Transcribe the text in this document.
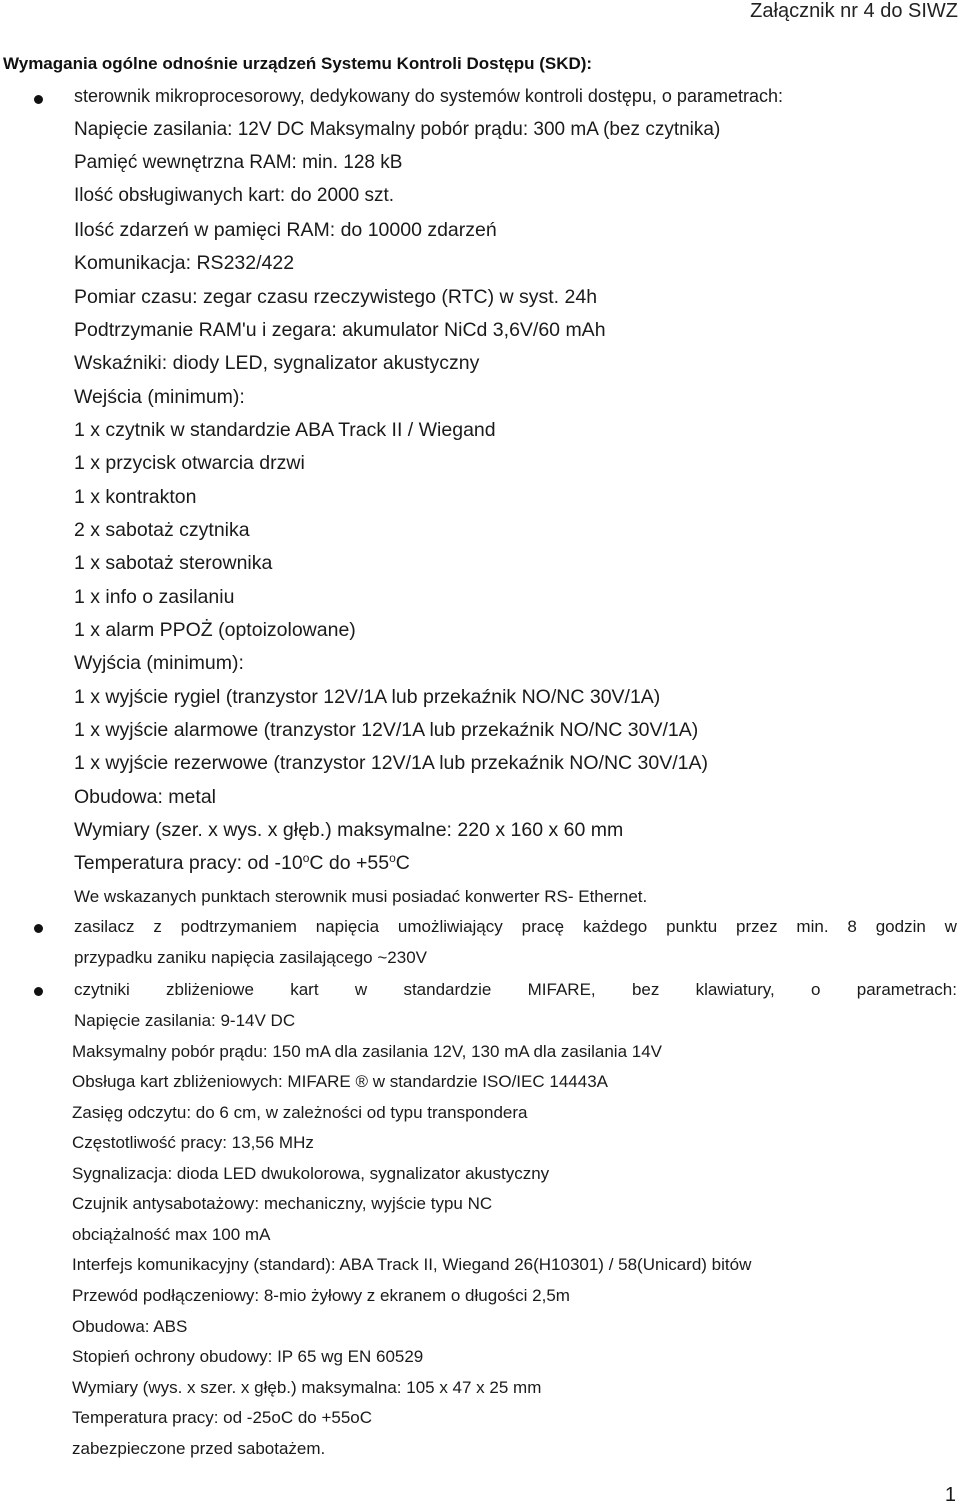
Załącznik nr 4 do SIWZ
Wymagania ogólne odnośnie urządzeń Systemu Kontroli Dostępu (SKD):
sterownik mikroprocesorowy, dedykowany do systemów kontroli dostępu, o parametrach:
Napięcie zasilania: 12V DC Maksymalny pobór prądu: 300 mA (bez czytnika)
Pamięć wewnętrzna RAM: min. 128 kB
Ilość obsługiwanych kart: do 2000 szt.
Ilość zdarzeń w pamięci RAM: do 10000 zdarzeń
Komunikacja: RS232/422
Pomiar czasu: zegar czasu rzeczywistego (RTC) w syst. 24h
Podtrzymanie RAM'u i zegara: akumulator NiCd 3,6V/60 mAh
Wskaźniki: diody LED, sygnalizator akustyczny
Wejścia (minimum):
1 x czytnik w standardzie ABA Track II / Wiegand
1 x przycisk otwarcia drzwi
1 x kontrakton
2 x sabotaż czytnika
1 x sabotaż sterownika
1 x info o zasilaniu
1 x alarm PPOŻ (optoizolowane)
Wyjścia (minimum):
1 x wyjście rygiel (tranzystor 12V/1A lub przekaźnik NO/NC 30V/1A)
1 x wyjście alarmowe (tranzystor 12V/1A lub przekaźnik NO/NC 30V/1A)
1 x wyjście rezerwowe (tranzystor 12V/1A lub przekaźnik NO/NC 30V/1A)
Obudowa: metal
Wymiary (szer. x wys. x głęb.) maksymalne: 220 x 160 x 60 mm
Temperatura pracy: od -10$^o$C do $+55^oC$
We wskazanych punktach sterownik musi posiadać konwerter RS- Ethernet.
zasilacz z podtrzymaniem napięcia umożliwiający pracę każdego punktu przez min. 8 godzin w
przypadku zaniku napięcia zasilającego ~230V
czytniki zbliżeniowe kart w standardzie MIFARE, bez klawiatury, o parametrach:
Napięcie zasilania: 9-14V DC
Maksymalny pobór prądu: 150 mA dla zasilania 12V, 130 mA dla zasilania 14V
Obsługa kart zbliżeniowych: MIFARE ® w standardzie ISO/IEC 14443A
Zasięg odczytu: do 6 cm, w zależności od typu transpondera
Częstotliwość pracy: 13,56 MHz
Sygnalizacja: dioda LED dwukolorowa, sygnalizator akustyczny
Czujnik antysabotażowy: mechaniczny, wyjście typu NC
obciążalność max 100 mA
Interfejs komunikacyjny (standard): ABA Track II, Wiegand 26(H10301) / 58(Unicard) bitów
Przewód podłączeniowy: 8-mio żyłowy z ekranem o długości 2,5m
Obudowa: ABS
Stopień ochrony obudowy: IP 65 wg EN 60529
Wymiary (wys. x szer. x głęb.) maksymalna: 105 x 47 x 25 mm
Temperatura pracy: od -25oC do +55oC
zabezpieczone przed sabotażem.
1
